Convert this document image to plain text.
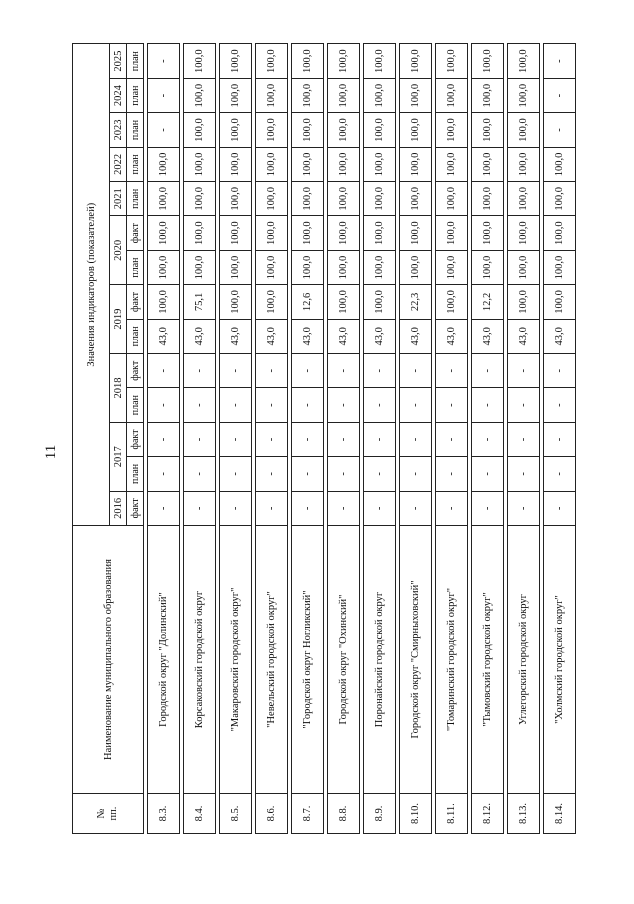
11
№ пп.	Наименование муниципального образования	Значения индикаторов (показателей)													
		2016	2017		2018		2019		2020		2021	2022	2023	2024	2025
		факт	план	факт	план	факт	план	факт	план	факт	план	план	план	план	план

8.3.	Городской округ "Долинский"	-	-	-	-	-	43,0	100,0	100,0	100,0	100,0	100,0	-	-	-

8.4.	Корсаковский городской округ	-	-	-	-	-	43,0	75,1	100,0	100,0	100,0	100,0	100,0	100,0	100,0

8.5.	"Макаровский городской округ"	-	-	-	-	-	43,0	100,0	100,0	100,0	100,0	100,0	100,0	100,0	100,0

8.6.	"Невельский городской округ"	-	-	-	-	-	43,0	100,0	100,0	100,0	100,0	100,0	100,0	100,0	100,0

8.7.	"Городской округ Ногликский"	-	-	-	-	-	43,0	12,6	100,0	100,0	100,0	100,0	100,0	100,0	100,0

8.8.	Городской округ "Охинский"	-	-	-	-	-	43,0	100,0	100,0	100,0	100,0	100,0	100,0	100,0	100,0

8.9.	Поронайский городской округ	-	-	-	-	-	43,0	100,0	100,0	100,0	100,0	100,0	100,0	100,0	100,0

8.10.	Городской округ "Смирныховский"	-	-	-	-	-	43,0	22,3	100,0	100,0	100,0	100,0	100,0	100,0	100,0

8.11.	"Томаринский городской округ"	-	-	-	-	-	43,0	100,0	100,0	100,0	100,0	100,0	100,0	100,0	100,0

8.12.	"Тымовский городской округ"	-	-	-	-	-	43,0	12,2	100,0	100,0	100,0	100,0	100,0	100,0	100,0

8.13.	Углегорский городской округ	-	-	-	-	-	43,0	100,0	100,0	100,0	100,0	100,0	100,0	100,0	100,0

8.14.	"Холмский городской округ"	-	-	-	-	-	43,0	100,0	100,0	100,0	100,0	100,0	-	-	-
